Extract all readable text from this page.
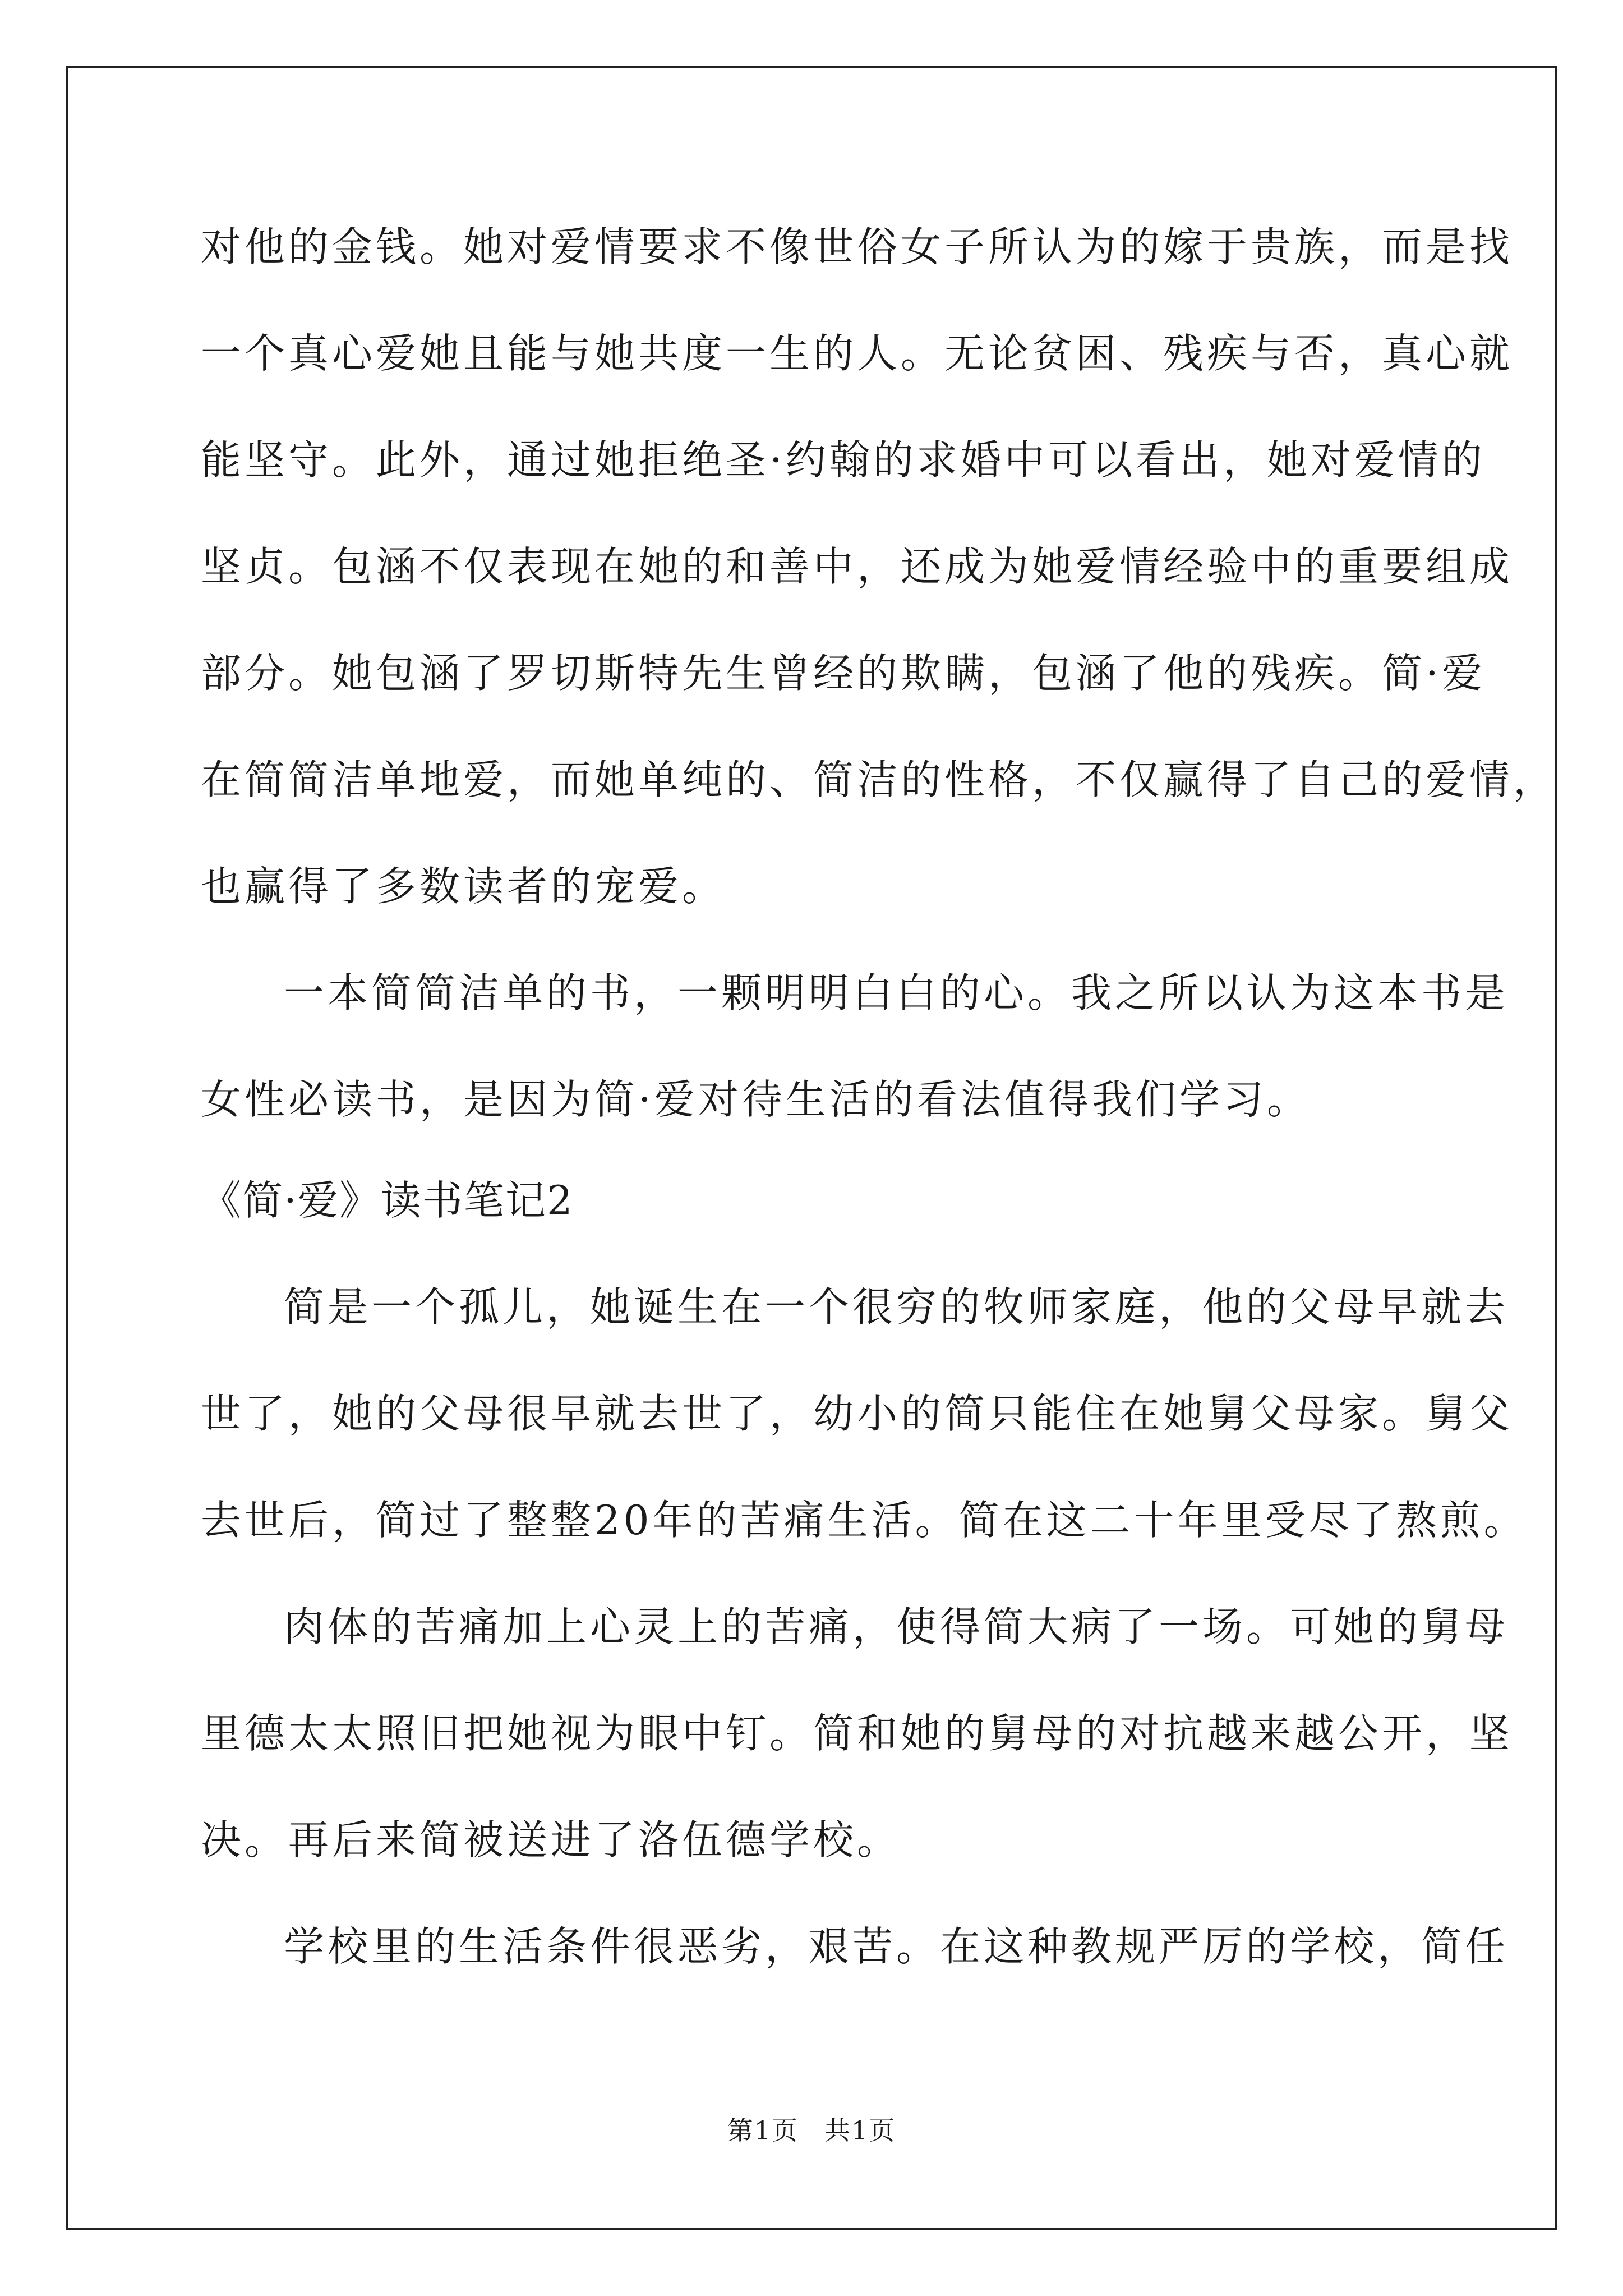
对他的金钱。她对爱情要求不像世俗女子所认为的嫁于贵族，而是找
一个真心爱她且能与她共度一生的人。无论贫困、残疾与否，真心就
能坚守。此外，通过她拒绝圣·约翰的求婚中可以看出，她对爱情的
坚贞。包涵不仅表现在她的和善中，还成为她爱情经验中的重要组成
部分。她包涵了罗切斯特先生曾经的欺瞒，包涵了他的残疾。简·爱
在简简洁单地爱，而她单纯的、简洁的性格，不仅赢得了自己的爱情，
也赢得了多数读者的宠爱。
一本简简洁单的书，一颗明明白白的心。我之所以认为这本书是
女性必读书，是因为简·爱对待生活的看法值得我们学习。
《简·爱》读书笔记2
简是一个孤儿，她诞生在一个很穷的牧师家庭，他的父母早就去
世了，她的父母很早就去世了，幼小的简只能住在她舅父母家。舅父
去世后，简过了整整20年的苦痛生活。简在这二十年里受尽了熬煎。
肉体的苦痛加上心灵上的苦痛，使得简大病了一场。可她的舅母
里德太太照旧把她视为眼中钉。简和她的舅母的对抗越来越公开，坚
决。再后来简被送进了洛伍德学校。
学校里的生活条件很恶劣，艰苦。在这种教规严厉的学校，简任
第1页 共1页
